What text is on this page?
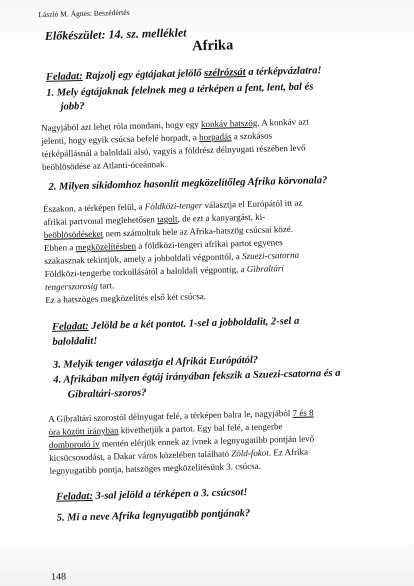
László M. Ágnes: Beszédértés
Előkészület: 14. sz. melléklet
Afrika
Feladat: Rajzolj egy égtájakat jelölő szélrózsát a térképvázlatra!
1. Mely égtájaknak felelnek meg a térképen a fent, lent, bal és
jobb?
Nagyjából azt lehet róla mondani, hogy egy konkáv hatszög. A konkáv azt
jelenti, hogy egyik csúcsa befelé horpadt, a horpadás a szokásos
térképállásnál a baloldali alsó, vagyis a földrész délnyugati részében levő
beöblösödése az Atlanti-óceánnak.
2. Milyen síkidomhoz hasonlít megközelítőleg Afrika körvonala?
Északon, a térképen felül, a Földközi-tenger választja el Európától itt az
afrikai partvonal meglehetősen tagolt, de ezt a kanyargást, ki-
beöblösödéseket nem számoltuk bele az Afrika-hatszög csúcsai közé.
Ebben a megközelítésben a földközi-tengeri afrikai partot egyenes
szakasznak tekintjük, amely a jobboldali végponttól, a Szuezi-csatorna
Földközi-tengerbe torkollásától a baloldali végpontig, a Gibraltári
tengerszorosig tart.
Ez a hatszöges megközelítés első két csúcsa.
Feladat: Jelöld be a két pontot. 1-sel a jobboldalit, 2-sel a
baloldalit!
3. Melyik tenger választja el Afrikát Európától?
4. Afrikában milyen égtáj irányában fekszik a Szuezi-csatorna és a
Gibraltári-szoros?
A Gibraltári szorostól délnyugat felé, a térképen balra le, nagyjából 7 és 8
óra között irányban követhetjük a partot. Egy bal felé, a tengerbe
domborodó ív mentén elérjük ennek az ívnek a legnyugatibb pontján levő
kicsücsosodást, a Dakar város közelében található Zöld-fokot. Ez Afrika
legnyugatibb pontja, hatszöges megközelítésünk 3. csúcsa.
Feladat: 3-sal jelöld a térképen a 3. csúcsot!
5. Mi a neve Afrika legnyugatibb pontjának?
148
